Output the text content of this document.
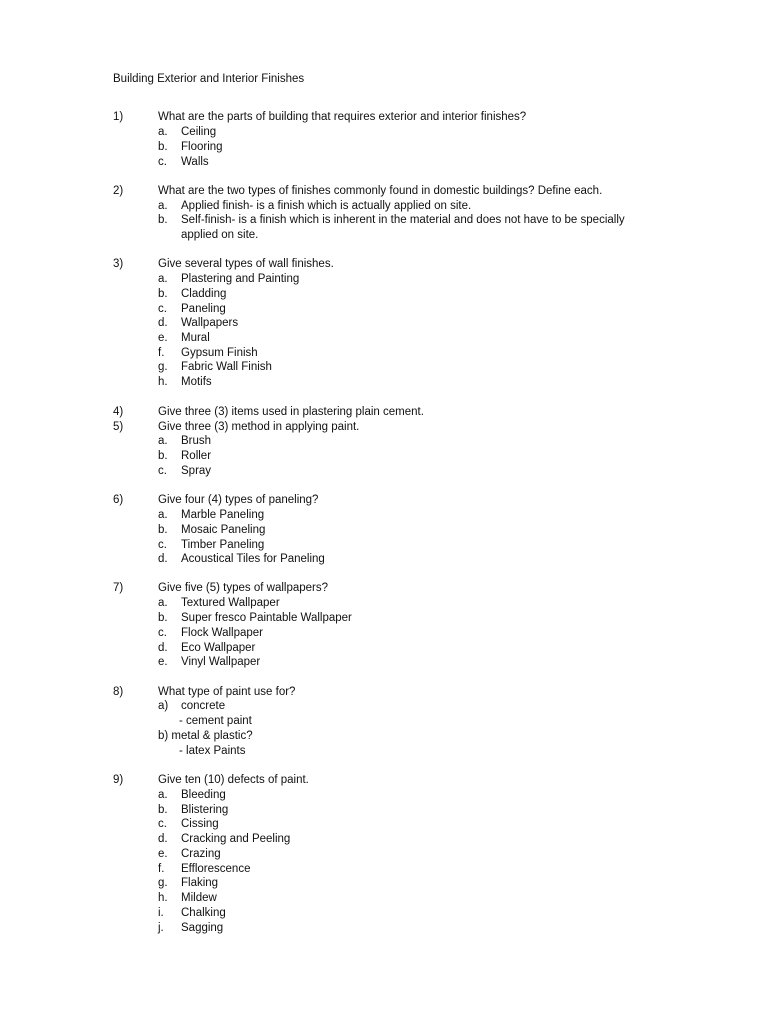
Building Exterior and Interior Finishes
1)	What are the parts of building that requires exterior and interior finishes?
a. Ceiling
b. Flooring
c. Walls
2)	What are the two types of finishes commonly found in domestic buildings? Define each.
a. Applied finish- is a finish which is actually applied on site.
b. Self-finish- is a finish which is inherent in the material and does not have to be specially
applied on site.
3)	Give several types of wall finishes.
a. Plastering and Painting
b. Cladding
c. Paneling
d. Wallpapers
e. Mural
f. Gypsum Finish
g. Fabric Wall Finish
h. Motifs
4)	Give three (3) items used in plastering plain cement.
5)	Give three (3) method in applying paint.
a. Brush
b. Roller
c. Spray
6)	Give four (4) types of paneling?
a. Marble Paneling
b. Mosaic Paneling
c. Timber Paneling
d. Acoustical Tiles for Paneling
7)	Give five (5) types of wallpapers?
a. Textured Wallpaper
b. Super fresco Paintable Wallpaper
c. Flock Wallpaper
d. Eco Wallpaper
e. Vinyl Wallpaper
8)	What type of paint use for?
a) concrete
- cement paint
b) metal & plastic?
- latex Paints
9)	Give ten (10) defects of paint.
a. Bleeding
b. Blistering
c. Cissing
d. Cracking and Peeling
e. Crazing
f. Efflorescence
g. Flaking
h. Mildew
i. Chalking
j. Sagging
